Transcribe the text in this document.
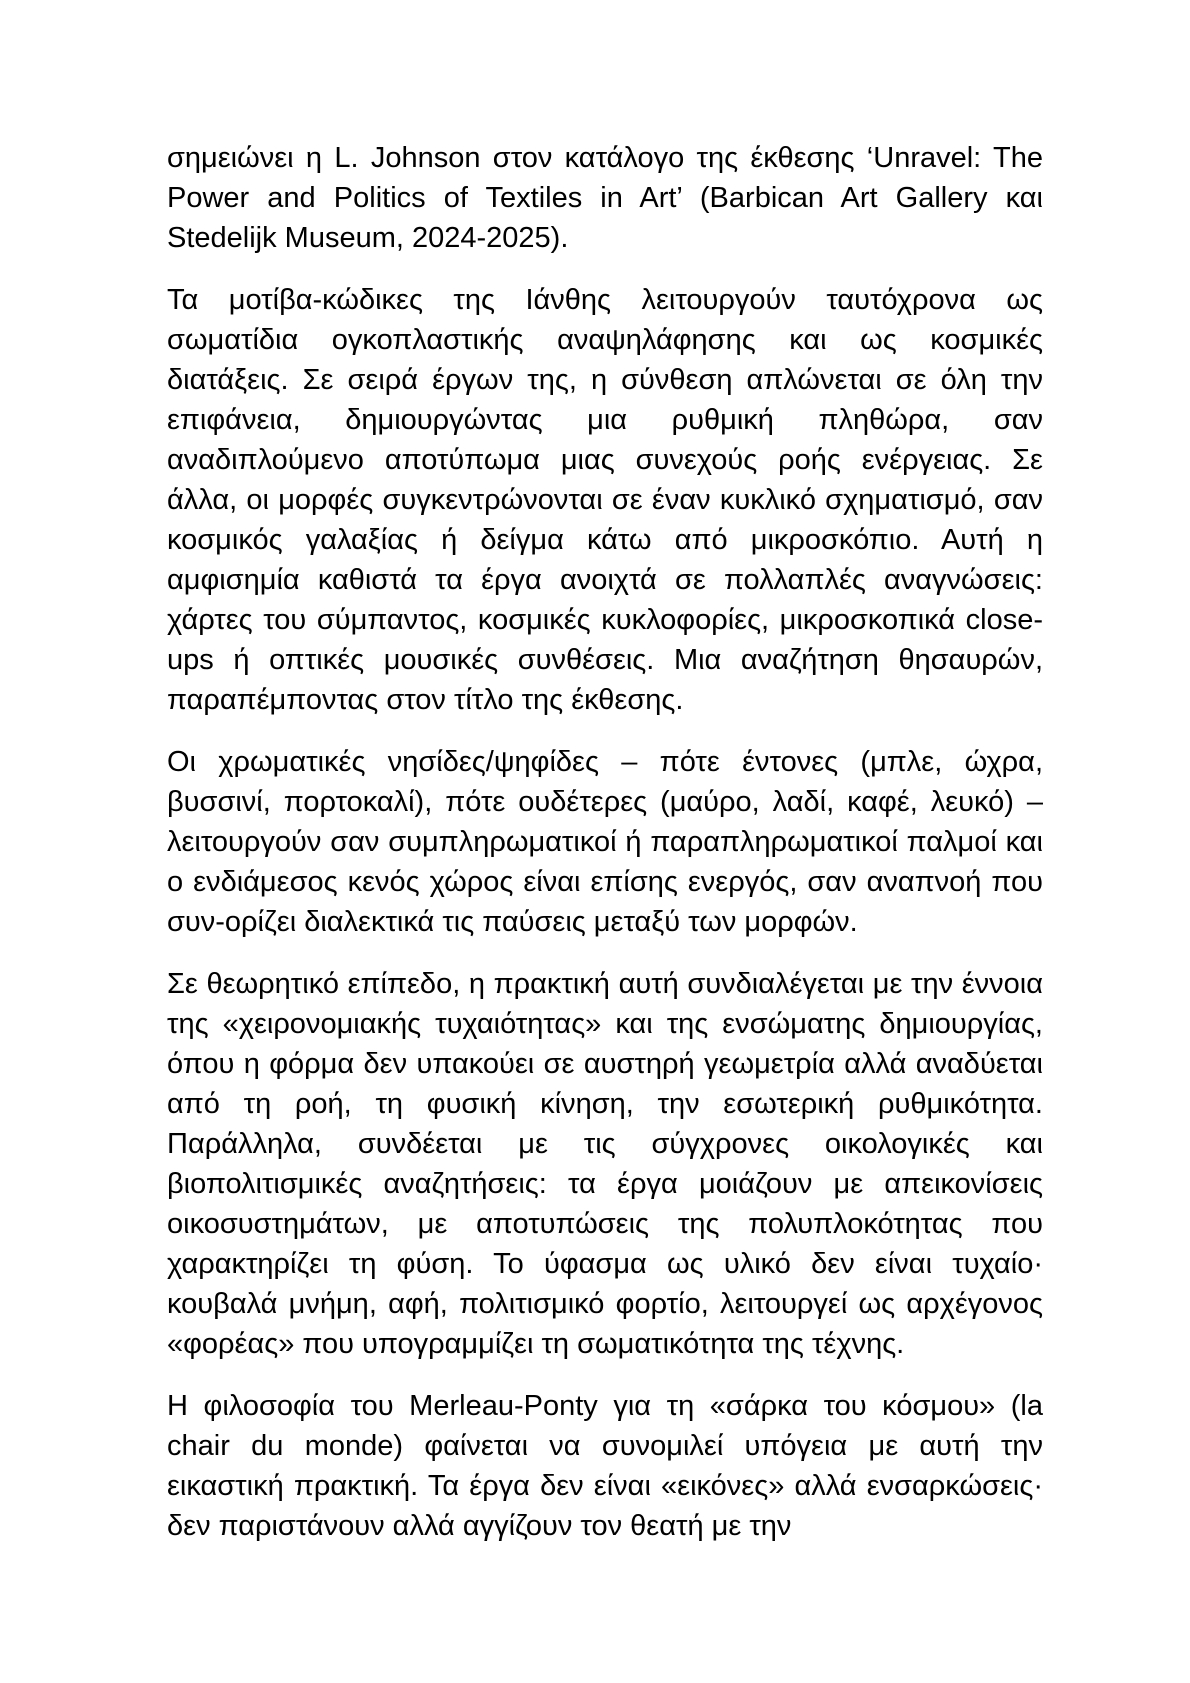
σημειώνει η L. Johnson στον κατάλογο της έκθεσης ‘Unravel: The Power and Politics of Textiles in Art’ (Barbican Art Gallery και Stedelijk Museum, 2024-2025).

Τα μοτίβα-κώδικες της Ιάνθης λειτουργούν ταυτόχρονα ως σωματίδια ογκοπλαστικής αναψηλάφησης και ως κοσμικές διατάξεις. Σε σειρά έργων της, η σύνθεση απλώνεται σε όλη την επιφάνεια, δημιουργώντας μια ρυθμική πληθώρα, σαν αναδιπλούμενο αποτύπωμα μιας συνεχούς ροής ενέργειας. Σε άλλα, οι μορφές συγκεντρώνονται σε έναν κυκλικό σχηματισμό, σαν κοσμικός γαλαξίας ή δείγμα κάτω από μικροσκόπιο. Αυτή η αμφισημία καθιστά τα έργα ανοιχτά σε πολλαπλές αναγνώσεις: χάρτες του σύμπαντος, κοσμικές κυκλοφορίες, μικροσκοπικά close-ups ή οπτικές μουσικές συνθέσεις. Μια αναζήτηση θησαυρών, παραπέμποντας στον τίτλο της έκθεσης.

Οι χρωματικές νησίδες/ψηφίδες – πότε έντονες (μπλε, ώχρα, βυσσινί, πορτοκαλί), πότε ουδέτερες (μαύρο, λαδί, καφέ, λευκό) – λειτουργούν σαν συμπληρωματικοί ή παραπληρωματικοί παλμοί και ο ενδιάμεσος κενός χώρος είναι επίσης ενεργός, σαν αναπνοή που συν-ορίζει διαλεκτικά τις παύσεις μεταξύ των μορφών.

Σε θεωρητικό επίπεδο, η πρακτική αυτή συνδιαλέγεται με την έννοια της «χειρονομιακής τυχαιότητας» και της ενσώματης δημιουργίας, όπου η φόρμα δεν υπακούει σε αυστηρή γεωμετρία αλλά αναδύεται από τη ροή, τη φυσική κίνηση, την εσωτερική ρυθμικότητα. Παράλληλα, συνδέεται με τις σύγχρονες οικολογικές και βιοπολιτισμικές αναζητήσεις: τα έργα μοιάζουν με απεικονίσεις οικοσυστημάτων, με αποτυπώσεις της πολυπλοκότητας που χαρακτηρίζει τη φύση. Το ύφασμα ως υλικό δεν είναι τυχαίο· κουβαλά μνήμη, αφή, πολιτισμικό φορτίο, λειτουργεί ως αρχέγονος «φορέας» που υπογραμμίζει τη σωματικότητα της τέχνης.

Η φιλοσοφία του Merleau-Ponty για τη «σάρκα του κόσμου» (la chair du monde) φαίνεται να συνομιλεί υπόγεια με αυτή την εικαστική πρακτική. Τα έργα δεν είναι «εικόνες» αλλά ενσαρκώσεις· δεν παριστάνουν αλλά αγγίζουν τον θεατή με την
